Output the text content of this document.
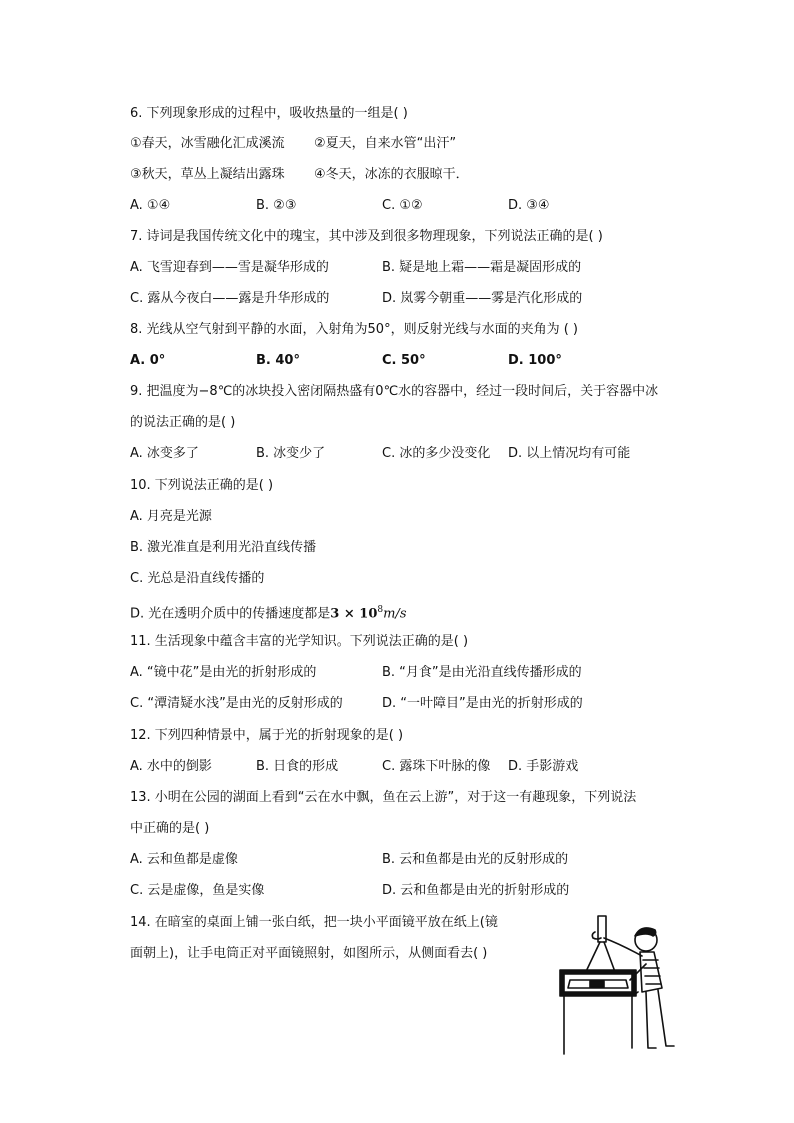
6. 下列现象形成的过程中，吸收热量的一组是( )
①春天，冰雪融化汇成溪流 ②夏天，自来水管“出汗”
③秋天，草丛上凝结出露珠 ④冬天，冰冻的衣服晾干．
A. ①④	B. ②③	C. ①②	D. ③④
7. 诗词是我国传统文化中的瑰宝，其中涉及到很多物理现象，下列说法正确的是( )
A. 飞雪迎春到——雪是凝华形成的	B. 疑是地上霜——霜是凝固形成的
C. 露从今夜白——露是升华形成的	D. 岚雾今朝重——雾是汽化形成的
8. 光线从空气射到平静的水面，入射角为50°，则反射光线与水面的夹角为 ( )
A. 0°	B. 40°	C. 50°	D. 100°
9. 把温度为−8℃的冰块投入密闭隔热盛有0℃水的容器中，经过一段时间后，关于容器中冰
的说法正确的是( )
A. 冰变多了	B. 冰变少了	C. 冰的多少没变化 D. 以上情况均有可能
10. 下列说法正确的是( )
A. 月亮是光源
B. 激光准直是利用光沿直线传播
C. 光总是沿直线传播的
D. 光在透明介质中的传播速度都是$3 \times 10^8m/s$
11. 生活现象中蕴含丰富的光学知识。下列说法正确的是( )
A. “镜中花”是由光的折射形成的	B. “月食”是由光沿直线传播形成的
C. “潭清疑水浅”是由光的反射形成的	D. “一叶障目”是由光的折射形成的
12. 下列四种情景中，属于光的折射现象的是( )
A. 水中的倒影	B. 日食的形成	C. 露珠下叶脉的像 D. 手影游戏
13. 小明在公园的湖面上看到“云在水中飘，鱼在云上游”，对于这一有趣现象，下列说法
中正确的是( )
A. 云和鱼都是虚像	B. 云和鱼都是由光的反射形成的
C. 云是虚像，鱼是实像	D. 云和鱼都是由光的折射形成的
14. 在暗室的桌面上铺一张白纸，把一块小平面镜平放在纸上(镜
面朝上)，让手电筒正对平面镜照射，如图所示，从侧面看去( )
